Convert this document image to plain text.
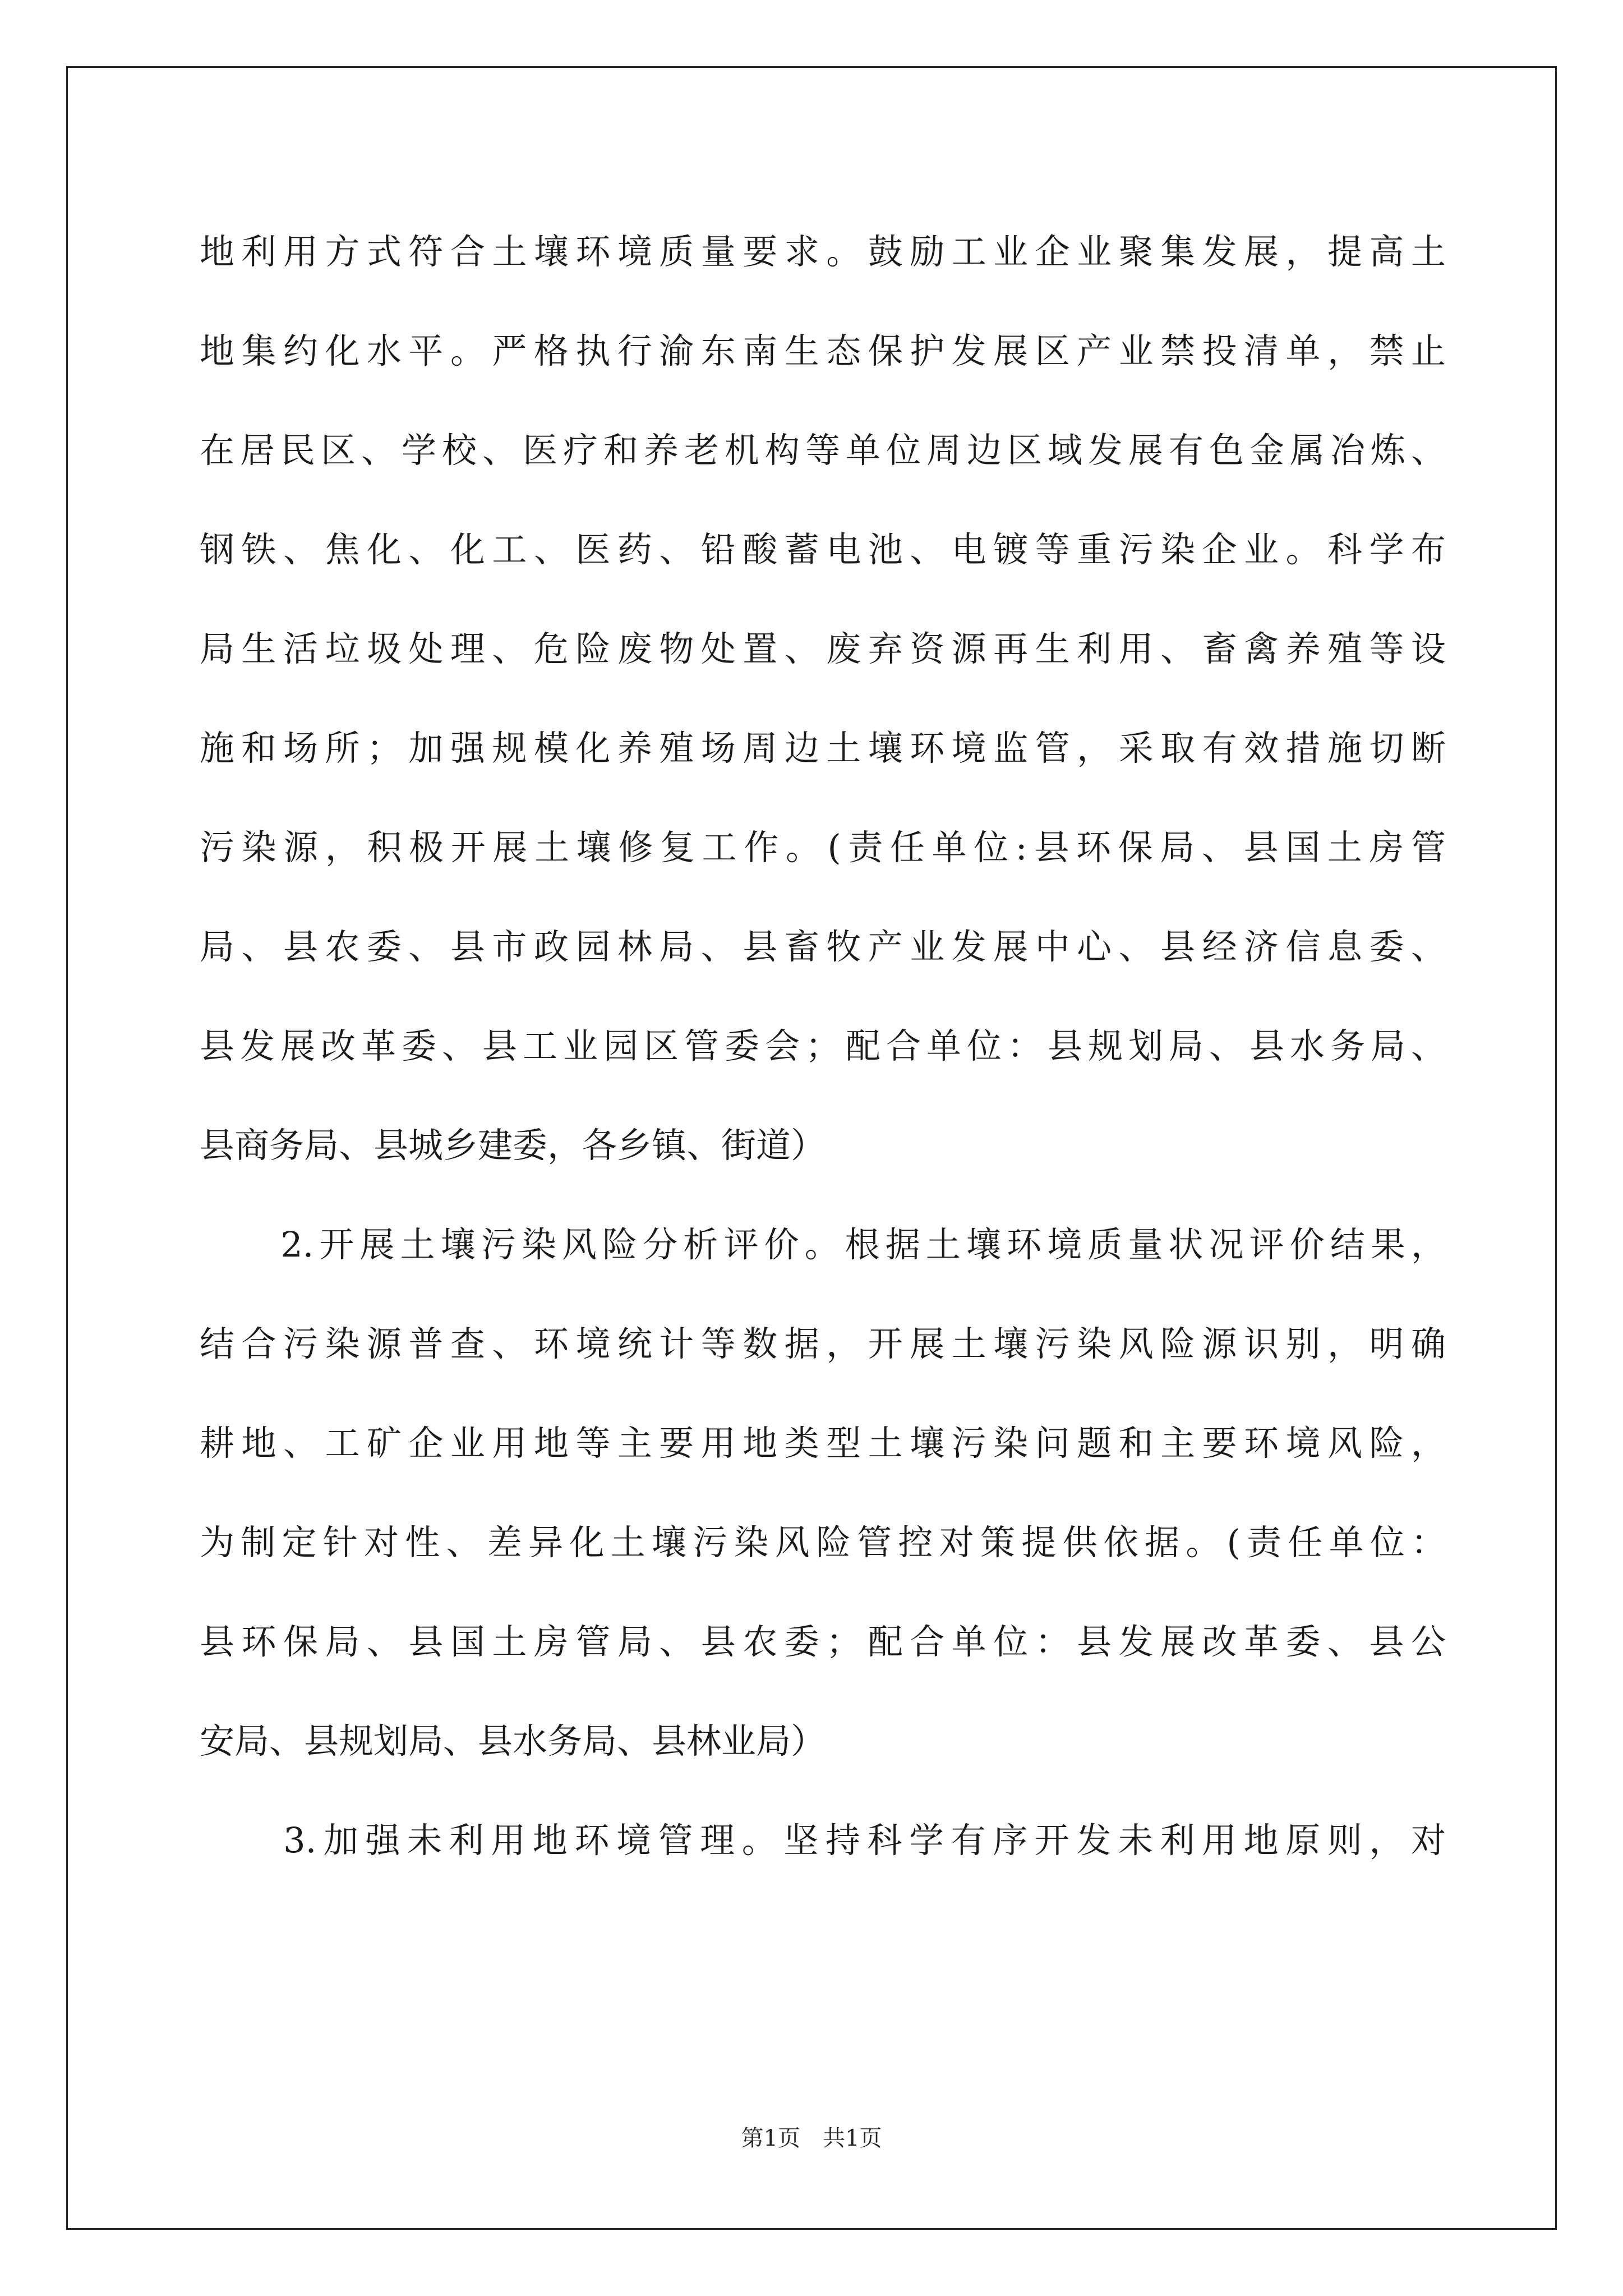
地利用方式符合土壤环境质量要求。鼓励工业企业聚集发展，提高土
地集约化水平。严格执行渝东南生态保护发展区产业禁投清单，禁止
在居民区、学校、医疗和养老机构等单位周边区域发展有色金属冶炼、
钢铁、焦化、化工、医药、铅酸蓄电池、电镀等重污染企业。科学布
局生活垃圾处理、危险废物处置、废弃资源再生利用、畜禽养殖等设
施和场所；加强规模化养殖场周边土壤环境监管，采取有效措施切断
污染源，积极开展土壤修复工作。(责任单位:县环保局、县国土房管
局、县农委、县市政园林局、县畜牧产业发展中心、县经济信息委、
县发展改革委、县工业园区管委会；配合单位：县规划局、县水务局、
县商务局、县城乡建委，各乡镇、街道）
　　2.开展土壤污染风险分析评价。根据土壤环境质量状况评价结果，
结合污染源普查、环境统计等数据，开展土壤污染风险源识别，明确
耕地、工矿企业用地等主要用地类型土壤污染问题和主要环境风险，
为制定针对性、差异化土壤污染风险管控对策提供依据。(责任单位：
县环保局、县国土房管局、县农委；配合单位：县发展改革委、县公
安局、县规划局、县水务局、县林业局）
　　3.加强未利用地环境管理。坚持科学有序开发未利用地原则，对
第1页　共1页
